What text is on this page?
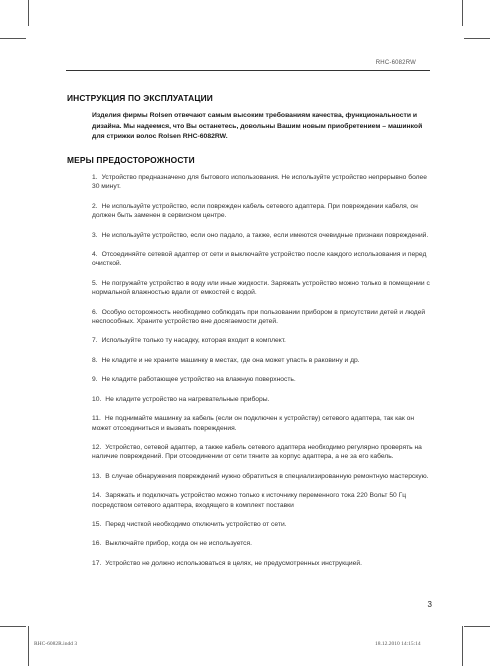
RHC-6082RW
ИНСТРУКЦИЯ ПО ЭКСПЛУАТАЦИИ

Изделия фирмы Rolsen отвечают самым высоким требованиям качества, функциональности и дизайна. Мы надеемся, что Вы останетесь, довольны Вашим новым приобретением – машинкой для стрижки волос Rolsen RHC-6082RW.

МЕРЫ ПРЕДОСТОРОЖНОСТИ
1. Устройство предназначено для бытового использования. Не используйте устройство непрерывно более 30 минут.
2. Не используйте устройство, если поврежден кабель сетевого адаптера. При повреждении кабеля, он должен быть заменен в сервисном центре.
3. Не используйте устройство, если оно падало, а также, если имеются очевидные признаки повреждений.
4. Отсоединяйте сетевой адаптер от сети и выключайте устройство после каждого использования и перед очисткой.
5. Не погружайте устройство в воду или иные жидкости. Заряжать устройство можно только в помещении с нормальной влажностью вдали от емкостей с водой.
6. Особую осторожность необходимо соблюдать при пользовании прибором в присутствии детей и людей неспособных. Храните устройство вне досягаемости детей.
7. Используйте только ту насадку, которая входит в комплект.
8. Не кладите и не храните машинку в местах, где она может упасть в раковину и др.
9. Не кладите работающее устройство на влажную поверхность.
10. Не кладите устройство на нагревательные приборы.
11. Не поднимайте машинку за кабель (если он подключен к устройству) сетевого адаптера, так как он может отсоединиться и вызвать повреждения.
12. Устройство, сетевой адаптер, а также кабель сетевого адаптера необходимо регулярно проверять на наличие повреждений. При отсоединении от сети тяните за корпус адаптера, а не за его кабель.
13. В случае обнаружения повреждений нужно обратиться в специализированную ремонтную мастерскую.
14. Заряжать и подключать устройство можно только к источнику переменного тока 220 Вольт 50 Гц посредством сетевого адаптера, входящего в комплект поставки
15. Перед чисткой необходимо отключить устройство от сети.
16. Выключайте прибор, когда он не используется.
17. Устройство не должно использоваться в целях, не предусмотренных инструкцией.
3
RHC-6082R.indd 3	18.12.2010 14:15:14
